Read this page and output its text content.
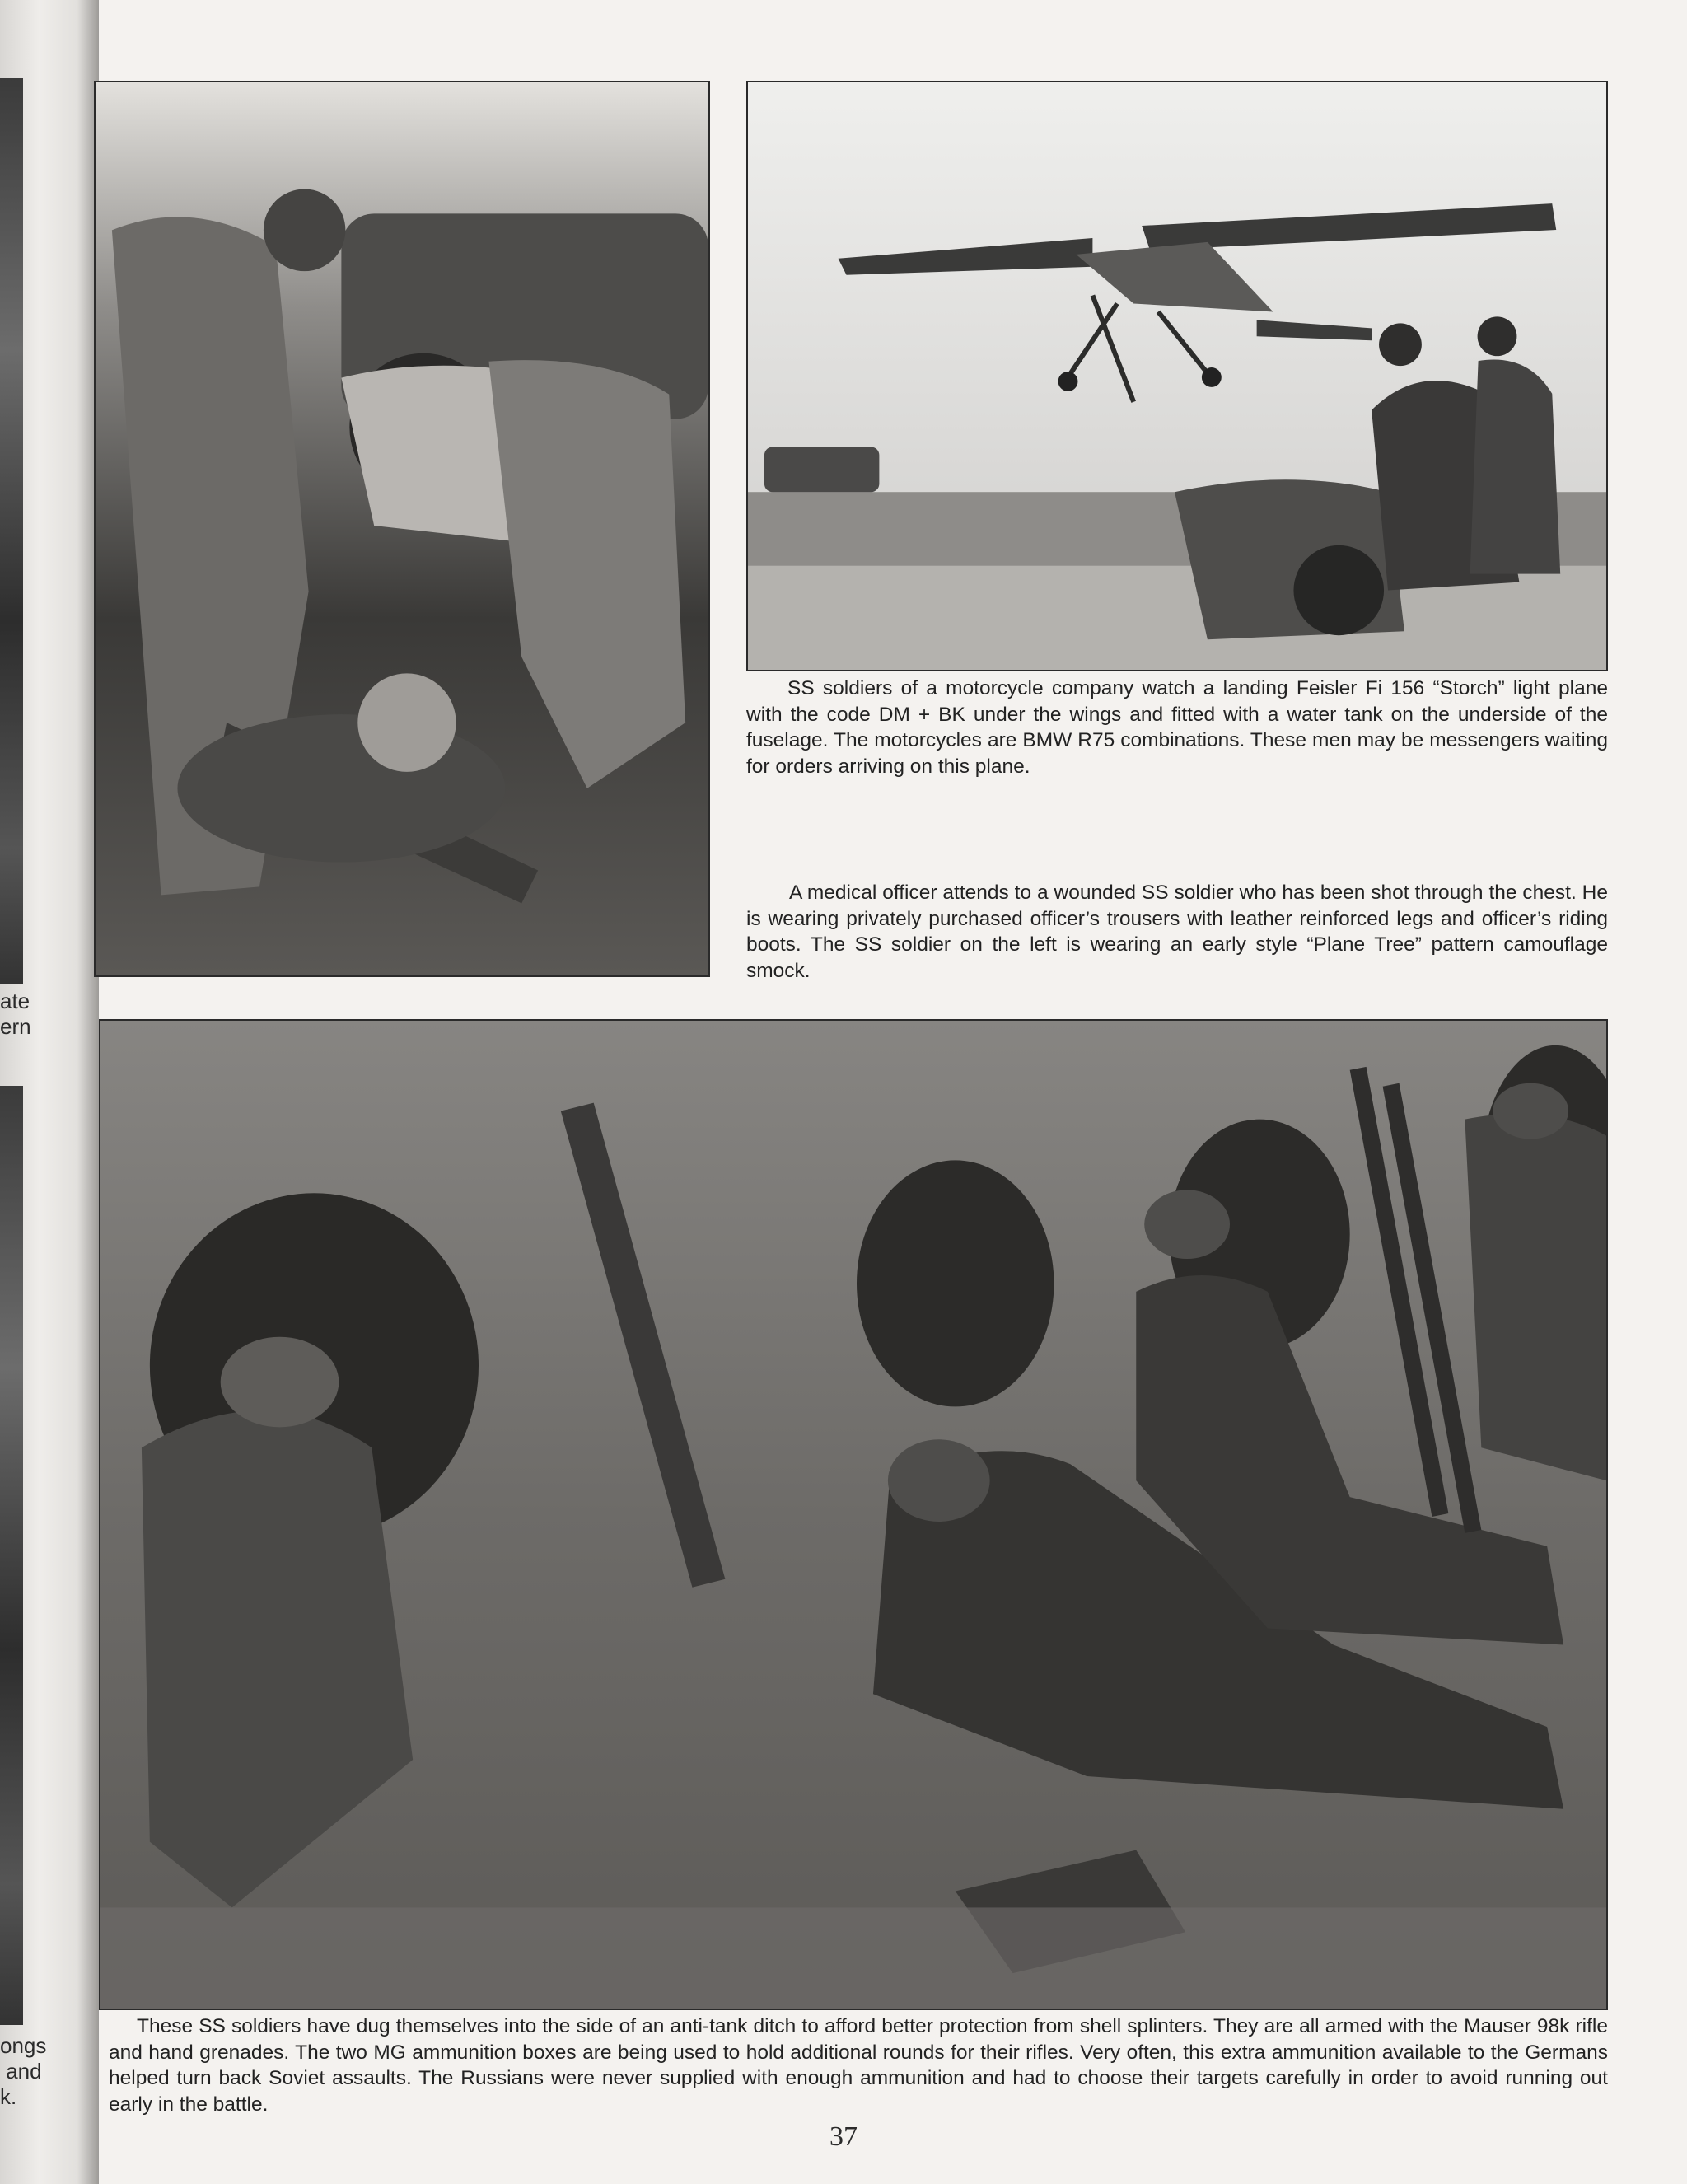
ate
ern
ongs
and
k.
SS soldiers of a motorcycle company watch a landing Feisler Fi 156 “Storch” light plane with the code DM + BK under the wings and fitted with a water tank on the underside of the fuselage. The motorcycles are BMW R75 combinations. These men may be messengers waiting for orders arriving on this plane.
A medical officer attends to a wounded SS soldier who has been shot through the chest. He is wearing privately purchased officer’s trousers with leather reinforced legs and officer’s riding boots. The SS soldier on the left is wearing an early style “Plane Tree” pattern camouflage smock.
These SS soldiers have dug themselves into the side of an anti-tank ditch to afford better protection from shell splinters. They are all armed with the Mauser 98k rifle and hand grenades. The two MG ammunition boxes are being used to hold additional rounds for their rifles. Very often, this extra ammunition available to the Germans helped turn back Soviet assaults. The Russians were never supplied with enough ammunition and had to choose their targets carefully in order to avoid running out early in the battle.
37
